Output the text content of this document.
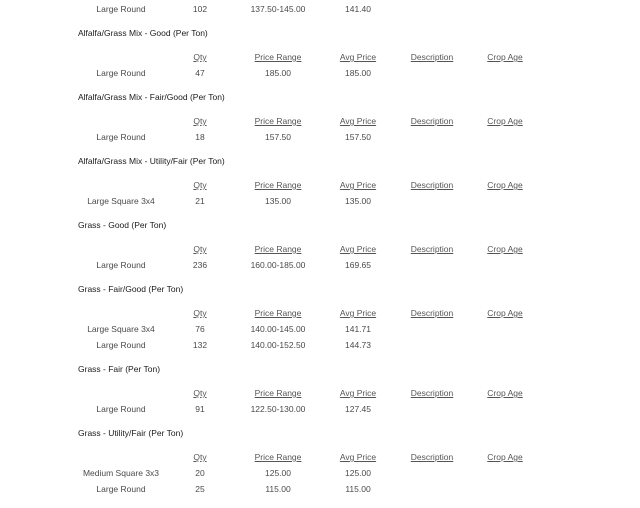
Large Round	102	137.50-145.00	141.40
Alfalfa/Grass Mix - Good (Per Ton)
Qty	Price Range	Avg Price	Description	Crop Age
Large Round	47	185.00	185.00
Alfalfa/Grass Mix - Fair/Good (Per Ton)
Qty	Price Range	Avg Price	Description	Crop Age
Large Round	18	157.50	157.50
Alfalfa/Grass Mix - Utility/Fair (Per Ton)
Qty	Price Range	Avg Price	Description	Crop Age
Large Square 3x4	21	135.00	135.00
Grass - Good (Per Ton)
Qty	Price Range	Avg Price	Description	Crop Age
Large Round	236	160.00-185.00	169.65
Grass - Fair/Good (Per Ton)
Qty	Price Range	Avg Price	Description	Crop Age
Large Square 3x4	76	140.00-145.00	141.71
Large Round	132	140.00-152.50	144.73
Grass - Fair (Per Ton)
Qty	Price Range	Avg Price	Description	Crop Age
Large Round	91	122.50-130.00	127.45
Grass - Utility/Fair (Per Ton)
Qty	Price Range	Avg Price	Description	Crop Age
Medium Square 3x3	20	125.00	125.00
Large Round	25	115.00	115.00
